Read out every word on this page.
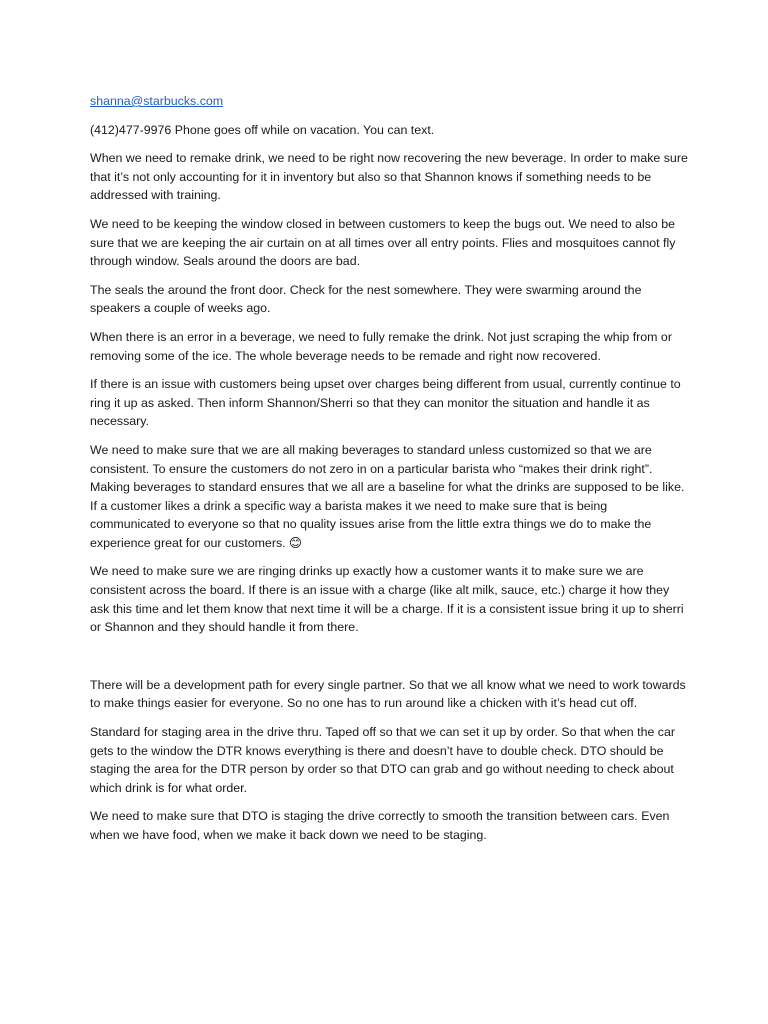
shanna@starbucks.com

(412)477-9976 Phone goes off while on vacation. You can text.

When we need to remake drink, we need to be right now recovering the new beverage. In order to make sure that it’s not only accounting for it in inventory but also so that Shannon knows if something needs to be addressed with training.

We need to be keeping the window closed in between customers to keep the bugs out. We need to also be sure that we are keeping the air curtain on at all times over all entry points. Flies and mosquitoes cannot fly through window. Seals around the doors are bad.

The seals the around the front door. Check for the nest somewhere. They were swarming around the speakers a couple of weeks ago.

When there is an error in a beverage, we need to fully remake the drink. Not just scraping the whip from or removing some of the ice. The whole beverage needs to be remade and right now recovered.

If there is an issue with customers being upset over charges being different from usual, currently continue to ring it up as asked. Then inform Shannon/Sherri so that they can monitor the situation and handle it as necessary.

We need to make sure that we are all making beverages to standard unless customized so that we are consistent. To ensure the customers do not zero in on a particular barista who “makes their drink right”. Making beverages to standard ensures that we all are a baseline for what the drinks are supposed to be like. If a customer likes a drink a specific way a barista makes it we need to make sure that is being communicated to everyone so that no quality issues arise from the little extra things we do to make the experience great for our customers. 😊

We need to make sure we are ringing drinks up exactly how a customer wants it to make sure we are consistent across the board. If there is an issue with a charge (like alt milk, sauce, etc.) charge it how they ask this time and let them know that next time it will be a charge. If it is a consistent issue bring it up to sherri or Shannon and they should handle it from there.

There will be a development path for every single partner. So that we all know what we need to work towards to make things easier for everyone. So no one has to run around like a chicken with it’s head cut off.

Standard for staging area in the drive thru. Taped off so that we can set it up by order. So that when the car gets to the window the DTR knows everything is there and doesn’t have to double check. DTO should be staging the area for the DTR person by order so that DTO can grab and go without needing to check about which drink is for what order.

We need to make sure that DTO is staging the drive correctly to smooth the transition between cars. Even when we have food, when we make it back down we need to be staging.
